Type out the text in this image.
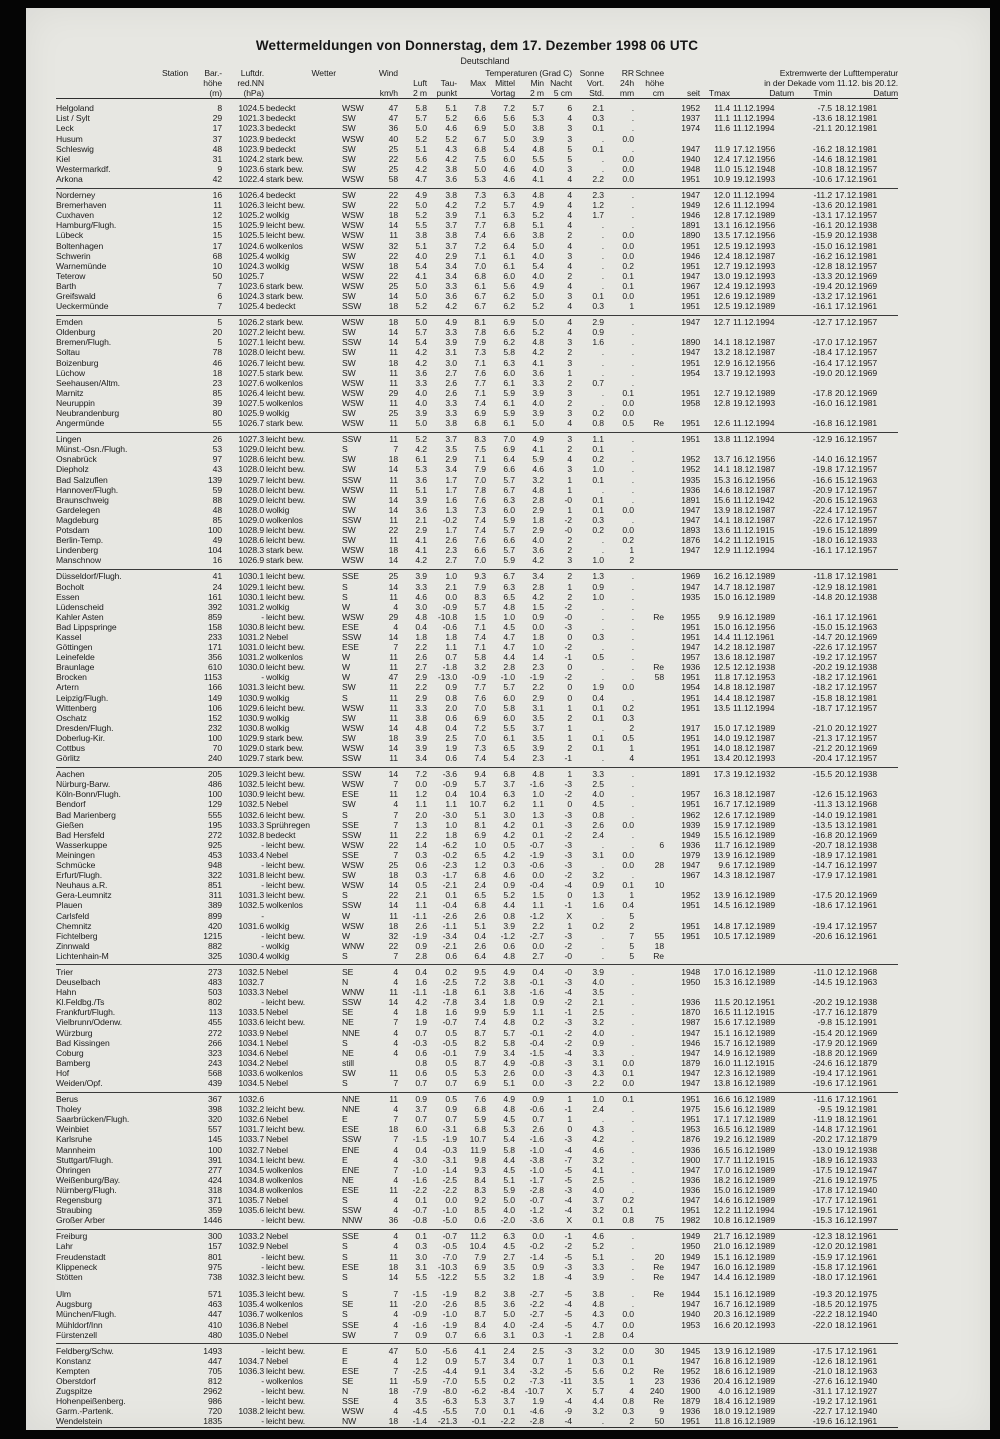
Wettermeldungen von Donnerstag, dem 17. Dezember 1998 06 UTC
Deutschland
Station	Bar.-	Luftdr.	Wetter	Wind	Temperaturen (Grad C)						Sonne	RR	Schnee	Extremwerte der Lufttemperatur				
	höhe	red.NN			Luft	Tau-	Max	Mittel	Min	Nacht	Vort.	24h	höhe	in der Dekade vom 11.12. bis 20.12.				
	(m)	(hPa)		km/h	2 m	punkt	Vortag		2 m	5 cm	Std.	mm	cm	seit	Tmax	Datum	Tmin	Datum
Helgoland	8	1024.5	bedeckt	WSW	47	5.8	5.1	7.8	7.2	5.7	6	2.1	.		1952	11.4	11.12.1994	-7.5	18.12.1981
List / Sylt	29	1021.3	bedeckt	SW	47	5.7	5.2	6.6	5.6	5.3	4	0.3	.		1937	11.1	11.12.1994	-13.6	18.12.1981
Leck	17	1023.3	bedeckt	SW	36	5.0	4.6	6.9	5.0	3.8	3	0.1	.		1974	11.6	11.12.1994	-21.1	20.12.1981
Husum	37	1023.9	bedeckt	WSW	40	5.2	5.2	6.7	5.0	3.9	3	.	0.0						
Schleswig	48	1023.9	bedeckt	SW	25	5.1	4.3	6.8	5.4	4.8	5	0.1	.		1947	11.9	17.12.1956	-16.2	18.12.1981
Kiel	31	1024.2	stark bew.	SW	22	5.6	4.2	7.5	6.0	5.5	5	.	0.0		1940	12.4	17.12.1956	-14.6	18.12.1981
Westermarkdf.	9	1023.6	stark bew.	SW	25	4.2	3.8	5.0	4.6	4.0	3	.	0.0		1948	11.0	15.12.1948	-10.8	18.12.1957
Arkona	42	1022.4	stark bew.	WSW	58	4.7	3.6	5.3	4.6	4.1	4	2.2	0.0		1951	10.9	19.12.1993	-10.6	17.12.1961
Norderney	16	1026.4	bedeckt	SW	22	4.9	3.8	7.3	6.3	4.8	4	2.3	.		1947	12.0	11.12.1994	-11.2	17.12.1981
Bremerhaven	11	1026.3	leicht bew.	SW	22	5.0	4.2	7.2	5.7	4.9	4	1.2	.		1949	12.6	11.12.1994	-13.6	20.12.1981
Cuxhaven	12	1025.2	wolkig	WSW	18	5.2	3.9	7.1	6.3	5.2	4	1.7	.		1946	12.8	17.12.1989	-13.1	17.12.1957
Hamburg/Flugh.	15	1025.9	leicht bew.	WSW	14	5.5	3.7	7.7	6.8	5.1	4	.	.		1891	13.1	16.12.1956	-16.1	20.12.1938
Lübeck	15	1025.5	leicht bew.	WSW	11	3.8	3.8	7.4	6.6	3.8	2	.	0.0		1890	13.5	17.12.1956	-15.9	20.12.1938
Boltenhagen	17	1024.6	wolkenlos	WSW	32	5.1	3.7	7.2	6.4	5.0	4	.	0.0		1951	12.5	19.12.1993	-15.0	16.12.1981
Schwerin	68	1025.4	wolkig	SW	22	4.0	2.9	7.1	6.1	4.0	3	.	0.0		1946	12.4	18.12.1987	-16.2	16.12.1981
Warnemünde	10	1024.3	wolkig	WSW	18	5.4	3.4	7.0	6.1	5.4	4	.	0.2		1951	12.7	19.12.1993	-12.8	18.12.1957
Teterow	50	1025.7		WSW	22	4.1	3.4	6.8	6.0	4.0	2	.	0.1		1947	13.0	19.12.1993	-13.3	20.12.1969
Barth	7	1023.6	stark bew.	WSW	25	5.0	3.3	6.1	5.6	4.9	4	.	0.1		1967	12.4	19.12.1993	-19.4	20.12.1969
Greifswald	6	1024.3	stark bew.	SW	14	5.0	3.6	6.7	6.2	5.0	3	0.1	0.0		1951	12.6	19.12.1989	-13.2	17.12.1961
Ueckermünde	7	1025.4	bedeckt	SSW	18	5.2	4.2	6.7	6.2	5.2	4	0.3	1		1951	12.5	19.12.1989	-16.1	17.12.1961
Emden	5	1026.2	stark bew.	WSW	18	5.0	4.9	8.1	6.9	5.0	4	2.9	.		1947	12.7	11.12.1994	-12.7	17.12.1957
Oldenburg	20	1027.2	leicht bew.	SW	14	5.7	3.3	7.8	6.6	5.2	4	0.9	.						
Bremen/Flugh.	5	1027.1	leicht bew.	SSW	14	5.4	3.9	7.9	6.2	4.8	3	1.6	.		1890	14.1	18.12.1987	-17.0	17.12.1957
Soltau	78	1028.0	leicht bew.	SW	11	4.2	3.1	7.3	5.8	4.2	2	.	.		1947	13.2	18.12.1987	-18.4	17.12.1957
Boizenburg	46	1026.7	leicht bew.	SW	18	4.2	3.0	7.1	6.3	4.1	3	.	.		1951	12.9	16.12.1956	-16.4	17.12.1957
Lüchow	18	1027.5	stark bew.	SW	11	3.6	2.7	7.6	6.0	3.6	1	.	.		1954	13.7	19.12.1993	-19.0	20.12.1969
Seehausen/Altm.	23	1027.6	wolkenlos	WSW	11	3.3	2.6	7.7	6.1	3.3	2	0.7	.						
Marnitz	85	1026.4	leicht bew.	WSW	29	4.0	2.6	7.1	5.9	3.9	3	.	0.1		1951	12.7	19.12.1989	-17.8	20.12.1969
Neuruppin	39	1027.5	wolkenlos	WSW	11	4.0	3.3	7.4	6.1	4.0	2	.	0.0		1958	12.8	19.12.1993	-16.0	16.12.1981
Neubrandenburg	80	1025.9	wolkig	SW	25	3.9	3.3	6.9	5.9	3.9	3	0.2	0.0						
Angermünde	55	1026.7	stark bew.	WSW	11	5.0	3.8	6.8	6.1	5.0	4	0.8	0.5	Re	1951	12.6	11.12.1994	-16.8	16.12.1981
Lingen	26	1027.3	leicht bew.	SSW	11	5.2	3.7	8.3	7.0	4.9	3	1.1	.		1951	13.8	11.12.1994	-12.9	16.12.1957
Münst.-Osn./Flugh.	53	1029.0	leicht bew.	S	7	4.2	3.5	7.5	6.9	4.1	2	0.1	.						
Osnabrück	97	1028.6	leicht bew.	SW	18	6.1	2.9	7.1	6.4	5.9	4	0.2	.		1952	13.7	16.12.1956	-14.0	16.12.1957
Diepholz	43	1028.0	leicht bew.	SW	14	5.3	3.4	7.9	6.6	4.6	3	1.0	.		1952	14.1	18.12.1987	-19.8	17.12.1957
Bad Salzuflen	139	1029.7	leicht bew.	SSW	11	3.6	1.7	7.0	5.7	3.2	1	0.1	.		1935	15.3	16.12.1956	-16.6	15.12.1963
Hannover/Flugh.	59	1028.0	leicht bew.	WSW	11	5.1	1.7	7.8	6.7	4.8	1	.	.		1936	14.6	18.12.1987	-20.9	17.12.1957
Braunschweig	88	1029.0	leicht bew.	SW	14	3.9	1.6	7.6	6.3	2.8	-0	0.1	.		1891	15.6	11.12.1942	-20.6	15.12.1963
Gardelegen	48	1028.0	wolkig	SW	14	3.6	1.3	7.3	6.0	2.9	1	0.1	0.0		1947	13.9	18.12.1987	-22.4	17.12.1957
Magdeburg	85	1029.0	wolkenlos	SSW	11	2.1	-0.2	7.4	5.9	1.8	-2	0.3	.		1947	14.1	18.12.1987	-22.6	17.12.1957
Potsdam	100	1028.9	leicht bew.	SW	22	2.9	1.7	7.4	5.7	2.9	-0	0.2	0.0		1893	13.6	11.12.1915	-19.6	15.12.1899
Berlin-Temp.	49	1028.6	leicht bew.	SW	11	4.1	2.6	7.6	6.6	4.0	2	.	0.2		1876	14.2	11.12.1915	-18.0	16.12.1933
Lindenberg	104	1028.3	stark bew.	WSW	18	4.1	2.3	6.6	5.7	3.6	2	.	1		1947	12.9	11.12.1994	-16.1	17.12.1957
Manschnow	16	1026.9	stark bew.	WSW	14	4.2	2.7	7.0	5.9	4.2	3	1.0	2						
Düsseldorf/Flugh.	41	1030.1	leicht bew.	SSE	25	3.9	1.0	9.3	6.7	3.4	2	1.3	.		1969	16.2	16.12.1989	-11.8	17.12.1981
Bocholt	24	1029.1	leicht bew.	S	14	3.3	2.1	7.9	6.3	2.8	1	0.9	.		1947	14.7	18.12.1987	-12.9	18.12.1981
Essen	161	1030.1	leicht bew.	S	11	4.6	0.0	8.3	6.5	4.2	2	1.0	.		1935	15.0	16.12.1989	-14.8	20.12.1938
Lüdenscheid	392	1031.2	wolkig	W	4	3.0	-0.9	5.7	4.8	1.5	-2	.	.						
Kahler Asten	859	-	leicht bew.	WSW	29	4.8	-10.8	1.5	1.0	0.9	-0	.	.	Re	1955	9.9	16.12.1989	-16.1	17.12.1961
Bad Lippspringe	158	1030.8	leicht bew.	ESE	4	0.4	-0.6	7.1	4.5	0.0	-3	.	.		1951	15.0	16.12.1956	-15.0	15.12.1963
Kassel	233	1031.2	Nebel	SSW	14	1.8	1.8	7.4	4.7	1.8	0	0.3	.		1951	14.4	11.12.1961	-14.7	20.12.1969
Göttingen	171	1031.0	leicht bew.	ESE	7	2.2	1.1	7.1	4.7	1.0	-2	.	.		1947	14.2	18.12.1987	-22.6	17.12.1957
Leinefelde	356	1031.2	wolkenlos	W	11	2.6	0.7	5.8	4.4	1.4	-1	0.5	.		1957	13.6	18.12.1987	-19.2	17.12.1957
Braunlage	610	1030.0	leicht bew.	W	11	2.7	-1.8	3.2	2.8	2.3	0	.	.	Re	1936	12.5	12.12.1938	-20.2	19.12.1938
Brocken	1153	-	wolkig	W	47	2.9	-13.0	-0.9	-1.0	-1.9	-2	.	.	58	1951	11.8	17.12.1953	-18.2	17.12.1961
Artern	166	1031.3	leicht bew.	SW	11	2.2	0.9	7.7	5.7	2.2	0	1.9	0.0		1954	14.8	18.12.1987	-18.2	17.12.1957
Leipzig/Flugh.	149	1030.9	wolkig	S	11	2.9	0.8	7.6	6.0	2.9	0	0.4	.		1951	14.4	18.12.1987	-15.8	18.12.1981
Wittenberg	106	1029.6	leicht bew.	WSW	11	3.3	2.0	7.0	5.8	3.1	1	0.1	0.2		1951	13.5	11.12.1994	-18.7	17.12.1957
Oschatz	152	1030.9	wolkig	SW	11	3.8	0.6	6.9	6.0	3.5	2	0.1	0.3						
Dresden/Flugh.	232	1030.8	wolkig	WSW	14	4.8	0.4	7.2	5.5	3.7	1	.	2		1917	15.0	17.12.1989	-21.0	20.12.1927
Doberlug-Kir.	100	1029.9	stark bew.	SW	18	3.9	2.5	7.0	6.1	3.5	1	0.1	0.5		1951	14.0	19.12.1987	-21.3	17.12.1957
Cottbus	70	1029.0	stark bew.	WSW	14	3.9	1.9	7.3	6.5	3.9	2	0.1	1		1951	14.0	18.12.1987	-21.2	20.12.1969
Görlitz	240	1029.7	stark bew.	SSW	11	3.4	0.6	7.4	5.4	2.3	-1	.	4		1951	13.4	20.12.1993	-20.4	17.12.1957
Aachen	205	1029.3	leicht bew.	SSW	14	7.2	-3.6	9.4	6.8	4.8	1	3.3	.		1891	17.3	19.12.1932	-15.5	20.12.1938
Nürburg-Barw.	486	1032.5	leicht bew.	WSW	7	0.0	-0.9	5.7	3.7	-1.6	-3	2.5	.						
Köln-Bonn/Flugh.	100	1030.9	leicht bew.	ESE	11	1.2	0.4	10.4	6.3	1.0	-2	4.0	.		1957	16.3	18.12.1987	-12.6	15.12.1963
Bendorf	129	1032.5	Nebel	SW	4	1.1	1.1	10.7	6.2	1.1	0	4.5	.		1951	16.7	17.12.1989	-11.3	13.12.1968
Bad Marienberg	555	1032.6	leicht bew.	S	7	2.0	-3.0	5.1	3.0	1.3	-3	0.8	.		1962	12.6	17.12.1989	-14.0	19.12.1981
Gießen	195	1033.3	Sprühregen	SSE	7	1.3	1.0	8.1	4.2	0.1	-3	2.6	0.0		1939	15.9	17.12.1989	-13.5	13.12.1981
Bad Hersfeld	272	1032.8	bedeckt	SSW	11	2.2	1.8	6.9	4.2	0.1	-2	2.4	.		1949	15.5	16.12.1989	-16.8	20.12.1969
Wasserkuppe	925	-	leicht bew.	WSW	22	1.4	-6.2	1.0	0.5	-0.7	-3	.	.	6	1936	11.7	16.12.1989	-20.7	18.12.1938
Meiningen	453	1033.4	Nebel	SSE	7	0.3	-0.2	6.5	4.2	-1.9	-3	3.1	0.0		1979	13.9	16.12.1989	-18.9	17.12.1981
Schmücke	948	-	leicht bew.	WSW	25	0.6	-2.3	1.2	0.3	-0.6	-3	.	0.0	28	1947	9.6	17.12.1989	-14.7	16.12.1997
Erfurt/Flugh.	322	1031.8	leicht bew.	SW	18	0.3	-1.7	6.8	4.6	0.0	-2	3.2	.		1967	14.3	18.12.1987	-17.9	17.12.1981
Neuhaus a.R.	851	-	leicht bew.	WSW	14	0.5	-2.1	2.4	0.9	-0.4	-4	0.9	0.1	10					
Gera-Leumnitz	311	1031.3	leicht bew.	S	22	2.1	0.1	6.5	5.2	1.5	0	1.3	1		1952	13.9	16.12.1989	-17.5	20.12.1969
Plauen	389	1032.5	wolkenlos	SSW	14	1.1	-0.4	6.8	4.4	1.1	-1	1.6	0.4		1951	14.5	16.12.1989	-18.6	17.12.1961
Carlsfeld	899	-		W	11	-1.1	-2.6	2.6	0.8	-1.2	X	.	5						
Chemnitz	420	1031.6	wolkig	WSW	18	2.6	-1.1	5.1	3.9	2.2	1	0.2	2		1951	14.8	17.12.1989	-19.4	17.12.1957
Fichtelberg	1215	-	leicht bew.	W	32	-1.9	-3.4	0.4	-1.2	-2.7	-3	.	7	55	1951	10.5	17.12.1989	-20.6	16.12.1961
Zinnwald	882	-	wolkig	WNW	22	0.9	-2.1	2.6	0.6	0.0	-2	.	5	18					
Lichtenhain-M	325	1030.4	wolkig	S	7	2.8	0.6	6.4	4.8	2.7	-0	.	5	Re					
Trier	273	1032.5	Nebel	SE	4	0.4	0.2	9.5	4.9	0.4	-0	3.9	.		1948	17.0	16.12.1989	-11.0	12.12.1968
Deuselbach	483	1032.7		N	4	1.6	-2.5	7.2	3.8	-0.1	-3	4.0	.		1950	15.3	16.12.1989	-14.5	19.12.1963
Hahn	503	1033.3	Nebel	WNW	11	-1.1	-1.8	6.1	3.8	-1.6	-4	3.5	.						
Kl.Feldbg./Ts	802	-	leicht bew.	SSW	14	4.2	-7.8	3.4	1.8	0.9	-2	2.1	.		1936	11.5	20.12.1951	-20.2	19.12.1938
Frankfurt/Flugh.	113	1033.5	Nebel	SE	4	1.8	1.6	9.9	5.9	1.1	-1	2.5	.		1870	16.5	11.12.1915	-17.7	16.12.1879
Vielbrunn/Odenw.	455	1033.6	leicht bew.	NE	7	1.9	-0.7	7.4	4.8	0.2	-3	3.2	.		1987	15.6	17.12.1989	-9.8	15.12.1991
Würzburg	272	1033.9	Nebel	NNE	4	0.7	0.5	8.7	5.7	-0.1	-2	4.0	.		1947	15.1	16.12.1989	-15.4	20.12.1969
Bad Kissingen	266	1034.1	Nebel	S	4	-0.3	-0.5	8.2	5.8	-0.4	-2	0.9	.		1946	15.7	16.12.1989	-17.9	20.12.1969
Coburg	323	1034.6	Nebel	NE	4	0.6	-0.1	7.9	3.4	-1.5	-4	3.3	.		1947	14.9	16.12.1989	-18.8	20.12.1969
Bamberg	243	1034.2	Nebel	still		0.8	0.5	8.7	4.9	-0.8	-3	3.1	0.0		1879	16.0	11.12.1915	-24.6	16.12.1879
Hof	568	1033.6	wolkenlos	SW	11	0.6	0.5	5.3	2.6	0.0	-3	4.3	0.1		1947	12.3	16.12.1989	-19.4	17.12.1961
Weiden/Opf.	439	1034.5	Nebel	S	7	0.7	0.7	6.9	5.1	0.0	-3	2.2	0.0		1947	13.8	16.12.1989	-19.6	17.12.1961
Berus	367	1032.6		NNE	11	0.9	0.5	7.6	4.9	0.9	1	1.0	0.1		1951	16.6	16.12.1989	-11.6	17.12.1961
Tholey	398	1032.2	leicht bew.	NNE	4	3.7	0.9	6.8	4.8	-0.6	-1	2.4	.		1975	15.6	16.12.1989	-9.5	19.12.1981
Saarbrücken/Flugh.	320	1032.6	Nebel	E	7	0.7	0.7	5.9	4.5	0.7	1	.	.		1951	17.1	17.12.1989	-11.9	18.12.1961
Weinbiet	557	1031.7	leicht bew.	ESE	18	6.0	-3.1	6.8	5.3	2.6	0	4.3	.		1953	16.5	16.12.1989	-14.8	17.12.1961
Karlsruhe	145	1033.7	Nebel	SSW	7	-1.5	-1.9	10.7	5.4	-1.6	-3	4.2	.		1876	19.2	16.12.1989	-20.2	17.12.1879
Mannheim	100	1032.7	Nebel	ENE	4	0.4	-0.3	11.9	5.8	-1.0	-4	4.6	.		1936	16.5	16.12.1989	-13.0	19.12.1938
Stuttgart/Flugh.	391	1034.1	leicht bew.	E	4	-3.0	-3.1	9.8	4.4	-3.8	-7	3.2	.		1900	17.7	11.12.1915	-18.9	16.12.1933
Öhringen	277	1034.5	wolkenlos	ENE	7	-1.0	-1.4	9.3	4.5	-1.0	-5	4.1	.		1947	17.0	16.12.1989	-17.5	19.12.1947
Weißenburg/Bay.	424	1034.8	wolkenlos	NE	4	-1.6	-2.5	8.4	5.1	-1.7	-5	2.5	.		1936	18.2	16.12.1989	-21.6	19.12.1975
Nürnberg/Flugh.	318	1034.8	wolkenlos	ESE	11	-2.2	-2.2	8.3	5.9	-2.8	-3	4.0	.		1936	15.0	16.12.1989	-17.8	17.12.1940
Regensburg	371	1035.7	Nebel	S	4	0.1	0.0	9.2	5.0	-0.7	-4	3.7	0.2		1947	14.6	16.12.1989	-17.7	17.12.1961
Straubing	359	1035.6	leicht bew.	SSW	4	-0.7	-1.0	8.5	4.0	-1.2	-4	3.2	0.1		1951	12.2	11.12.1994	-19.5	17.12.1961
Großer Arber	1446	-	leicht bew.	NNW	36	-0.8	-5.0	0.6	-2.0	-3.6	X	0.1	0.8	75	1982	10.8	16.12.1989	-15.3	16.12.1997
Freiburg	300	1033.2	Nebel	SSE	4	0.1	-0.7	11.2	6.3	0.0	-1	4.6	.		1949	21.7	16.12.1989	-12.3	18.12.1961
Lahr	157	1032.9	Nebel	S	4	0.3	-0.5	10.4	4.5	-0.2	-2	5.2	.		1950	21.0	16.12.1989	-12.0	20.12.1981
Freudenstadt	801	-	leicht bew.	S	11	3.0	-7.0	7.9	2.7	-1.4	-5	5.1	.	20	1949	15.1	16.12.1989	-15.9	17.12.1961
Klippeneck	975	-	leicht bew.	ESE	18	3.1	-10.3	6.9	3.5	0.9	-3	3.3	.	Re	1947	16.0	16.12.1989	-15.8	17.12.1961
Stötten	738	1032.3	leicht bew.	S	14	5.5	-12.2	5.5	3.2	1.8	-4	3.9	.	Re	1947	14.4	16.12.1989	-18.0	17.12.1961
Ulm	571	1035.3	leicht bew.	S	7	-1.5	-1.9	8.2	3.8	-2.7	-5	3.8	.	Re	1944	15.1	16.12.1989	-19.3	20.12.1975
Augsburg	463	1035.4	wolkenlos	SE	11	-2.0	-2.6	8.5	3.6	-2.2	-4	4.8	.		1947	16.7	16.12.1989	-18.5	20.12.1975
München/Flugh.	447	1036.7	wolkenlos	S	4	-0.9	-1.0	8.7	5.0	-2.7	-5	4.3	0.0		1940	20.3	16.12.1989	-22.2	18.12.1940
Mühldorf/Inn	410	1036.8	Nebel	SSE	4	-1.6	-1.9	8.4	4.0	-2.4	-5	4.7	0.0		1953	16.6	20.12.1993	-22.0	18.12.1961
Fürstenzell	480	1035.0	Nebel	SW	7	0.9	0.7	6.6	3.1	0.3	-1	2.8	0.4						
Feldberg/Schw.	1493	-	leicht bew.	E	47	5.0	-5.6	4.1	2.4	2.5	-3	3.2	0.0	30	1945	13.9	16.12.1989	-17.5	17.12.1961
Konstanz	447	1034.7	Nebel	E	4	1.2	0.9	5.7	3.4	0.7	1	0.3	0.1		1947	16.8	16.12.1989	-12.6	18.12.1961
Kempten	705	1036.3	leicht bew.	ESE	7	-2.5	-4.4	9.1	3.4	-3.2	-5	5.6	0.2	Re	1952	18.6	16.12.1989	-21.0	18.12.1963
Oberstdorf	812	-	wolkenlos	SE	11	-5.9	-7.0	5.5	0.2	-7.3	-11	3.5	1	23	1936	20.4	16.12.1989	-27.6	16.12.1940
Zugspitze	2962	-	leicht bew.	N	18	-7.9	-8.0	-6.2	-8.4	-10.7	X	5.7	4	240	1900	4.0	16.12.1989	-31.1	17.12.1927
Hohenpeißenberg.	986	-	leicht bew.	SSE	4	3.5	-6.3	5.3	3.7	1.9	-4	4.4	0.8	Re	1879	18.4	16.12.1989	-19.2	17.12.1961
Garm.-Partenk.	720	1038.2	leicht bew.	WSW	4	-4.5	-5.5	7.0	0.1	-4.6	-9	3.2	0.3	9	1936	18.0	19.12.1989	-22.7	17.12.1940
Wendelstein	1835	-	leicht bew.	NW	18	-1.4	-21.3	-0.1	-2.2	-2.8	-4	.	2	50	1951	11.8	16.12.1989	-19.6	16.12.1961
